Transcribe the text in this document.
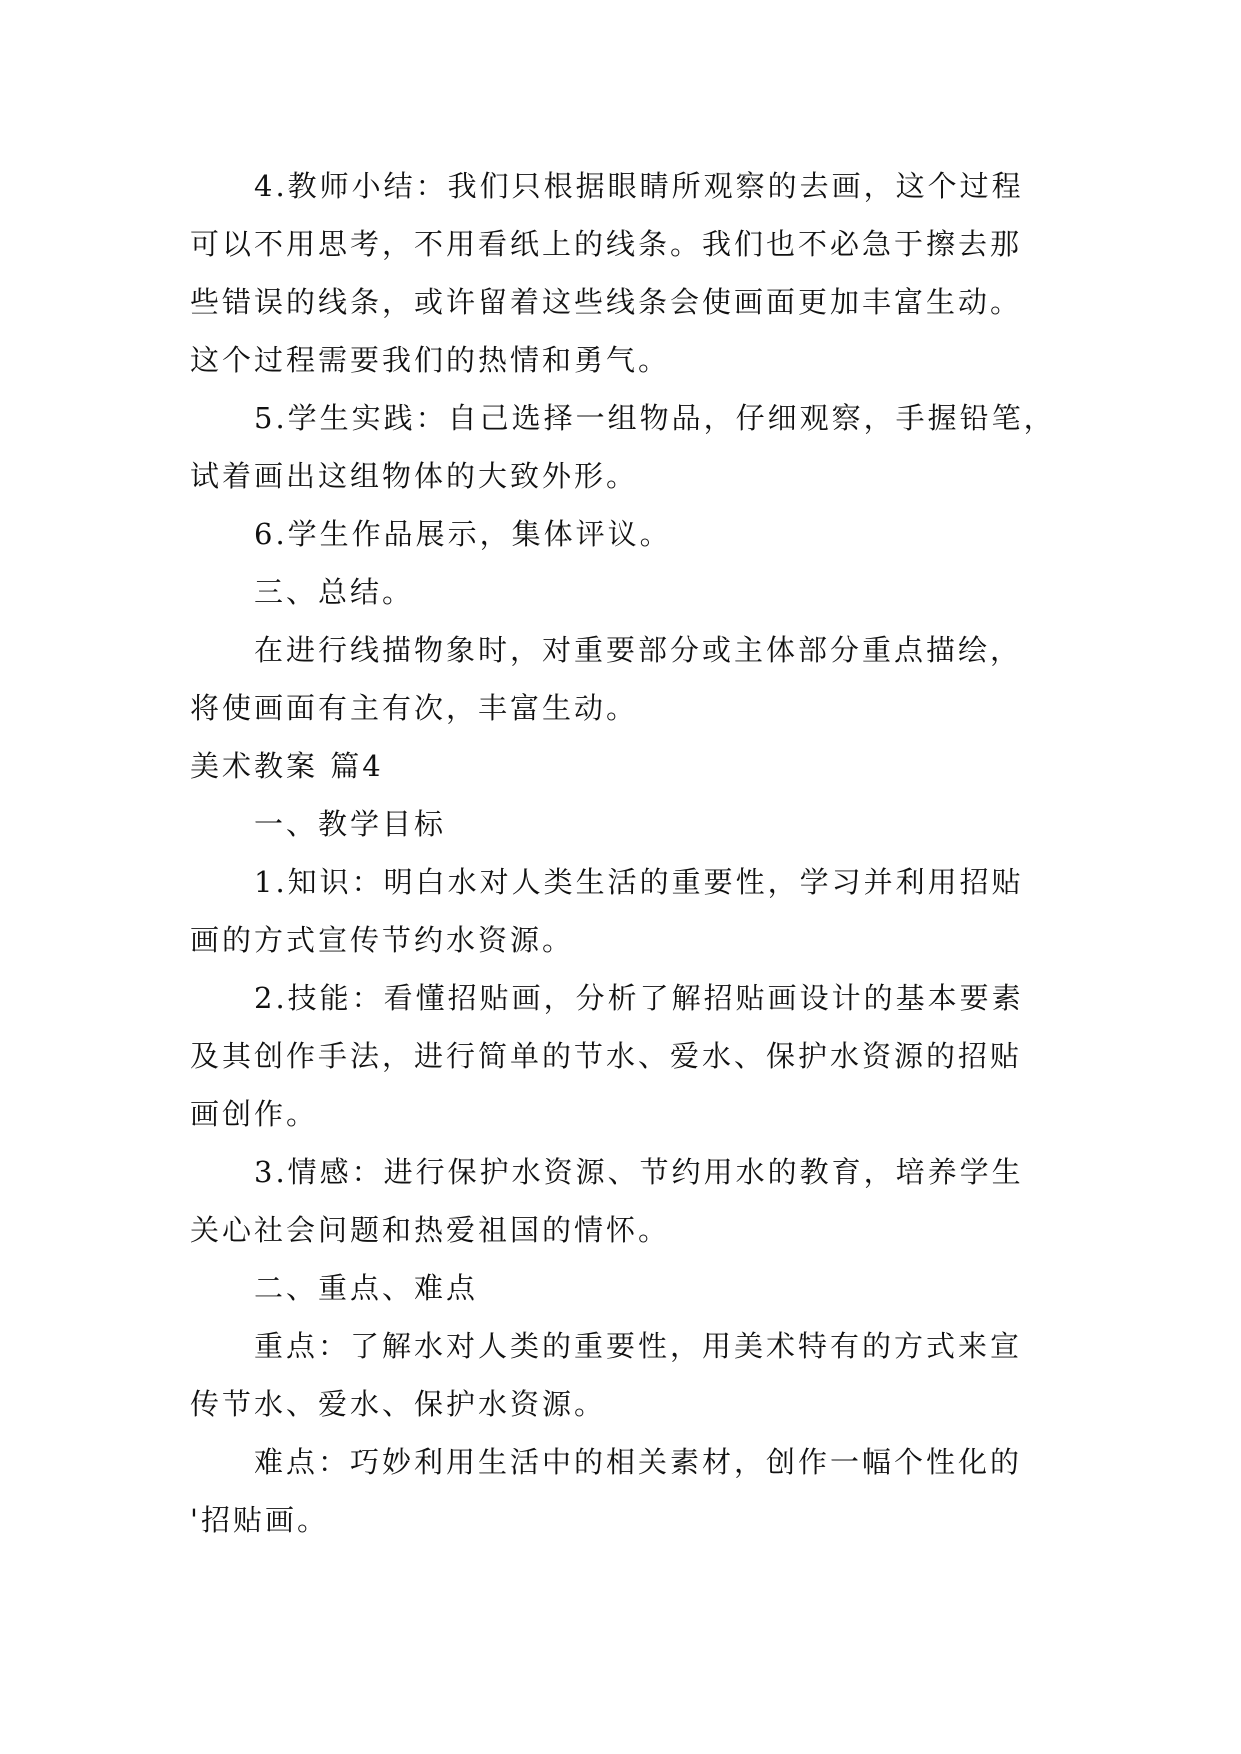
4.教师小结：我们只根据眼睛所观察的去画，这个过程
可以不用思考，不用看纸上的线条。我们也不必急于擦去那
些错误的线条，或许留着这些线条会使画面更加丰富生动。
这个过程需要我们的热情和勇气。
5.学生实践：自己选择一组物品，仔细观察，手握铅笔，
试着画出这组物体的大致外形。
6.学生作品展示，集体评议。
三、总结。
在进行线描物象时，对重要部分或主体部分重点描绘，
将使画面有主有次，丰富生动。
美术教案 篇4
一、教学目标
1.知识：明白水对人类生活的重要性，学习并利用招贴
画的方式宣传节约水资源。
2.技能：看懂招贴画，分析了解招贴画设计的基本要素
及其创作手法，进行简单的节水、爱水、保护水资源的招贴
画创作。
3.情感：进行保护水资源、节约用水的教育，培养学生
关心社会问题和热爱祖国的情怀。
二、重点、难点
重点：了解水对人类的重要性，用美术特有的方式来宣
传节水、爱水、保护水资源。
难点：巧妙利用生活中的相关素材，创作一幅个性化的
'招贴画。
